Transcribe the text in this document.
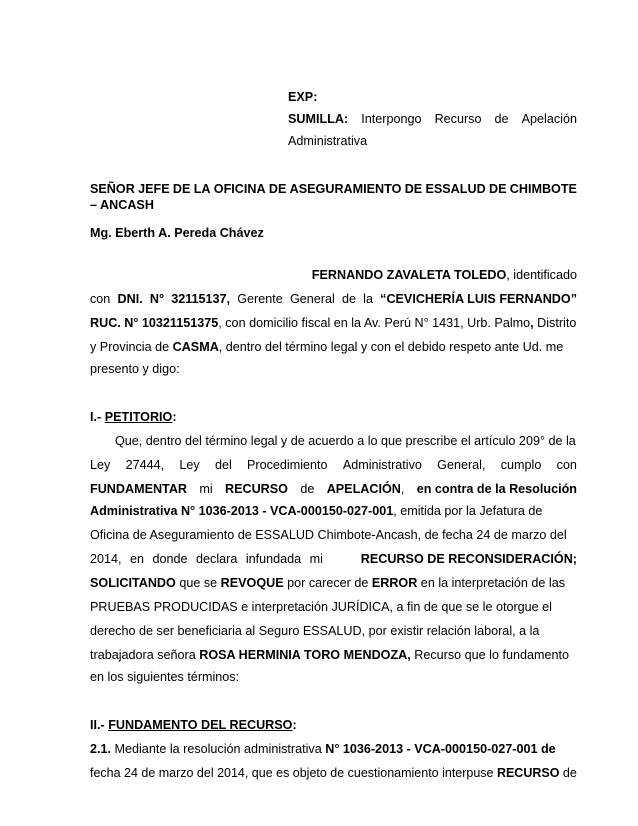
EXP:
SUMILLA: Interpongo Recurso de Apelación
Administrativa
SEÑOR JEFE DE LA OFICINA DE ASEGURAMIENTO DE ESSALUD DE CHIMBOTE
– ANCASH
Mg. Eberth A. Pereda Chávez
FERNANDO ZAVALETA TOLEDO, identificado
con DNI. N° 32115137, Gerente General de la “CEVICHERÍA LUIS FERNANDO”
RUC. N° 10321151375, con domicilio fiscal en la Av. Perú N° 1431, Urb. Palmo, Distrito
y Provincia de CASMA, dentro del término legal y con el debido respeto ante Ud. me
presento y digo:
I.- PETITORIO:
Que, dentro del término legal y de acuerdo a lo que prescribe el artículo 209° de la
Ley 27444, Ley del Procedimiento Administrativo General, cumplo con
FUNDAMENTAR mi RECURSO de APELACIÓN, en contra de la Resolución
Administrativa N° 1036-2013 - VCA-000150-027-001, emitida por la Jefatura de
Oficina de Aseguramiento de ESSALUD Chimbote-Ancash, de fecha 24 de marzo del
2014, en donde declara infundada mi	RECURSO DE RECONSIDERACIÓN;
SOLICITANDO que se REVOQUE por carecer de ERROR en la interpretación de las
PRUEBAS PRODUCIDAS e interpretación JURÍDICA, a fin de que se le otorgue el
derecho de ser beneficiaria al Seguro ESSALUD, por existir relación laboral, a la
trabajadora señora ROSA HERMINIA TORO MENDOZA, Recurso que lo fundamento
en los siguientes términos:
II.- FUNDAMENTO DEL RECURSO:
2.1. Mediante la resolución administrativa N° 1036-2013 - VCA-000150-027-001 de
fecha 24 de marzo del 2014, que es objeto de cuestionamiento interpuse RECURSO de
